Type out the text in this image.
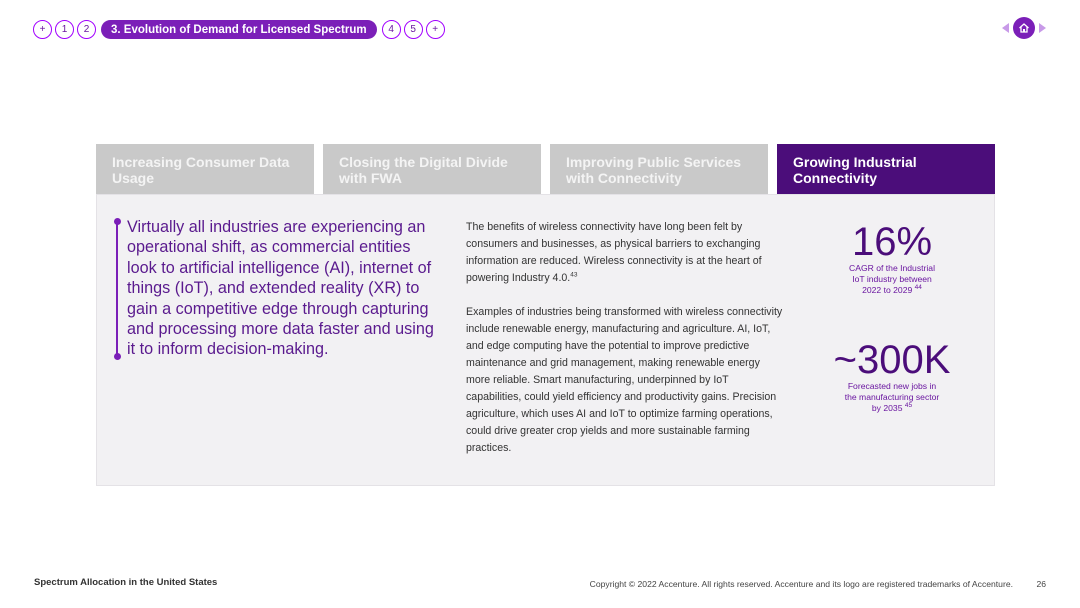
+	1	2	3. Evolution of Demand for Licensed Spectrum	4	5	+
Increasing Consumer Data Usage
Closing the Digital Divide with FWA
Improving Public Services with Connectivity
Growing Industrial Connectivity

Virtually all industries are experiencing an operational shift, as commercial entities look to artificial intelligence (AI), internet of things (IoT), and extended reality (XR) to gain a competitive edge through capturing and processing more data faster and using it to inform decision-making.

The benefits of wireless connectivity have long been felt by consumers and businesses, as physical barriers to exchanging information are reduced. Wireless connectivity is at the heart of powering Industry 4.0.43

Examples of industries being transformed with wireless connectivity include renewable energy, manufacturing and agriculture. AI, IoT, and edge computing have the potential to improve predictive maintenance and grid management, making renewable energy more reliable. Smart manufacturing, underpinned by IoT capabilities, could yield efficiency and productivity gains. Precision agriculture, which uses AI and IoT to optimize farming operations, could drive greater crop yields and more sustainable farming practices.

16%
CAGR of the Industrial IoT industry between 2022 to 2029 $^{44}$
~300K
Forecasted new jobs in the manufacturing sector by 2035 $^{45}$
Spectrum Allocation in the United States	Copyright © 2022 Accenture. All rights reserved. Accenture and its logo are registered trademarks of Accenture.	26
